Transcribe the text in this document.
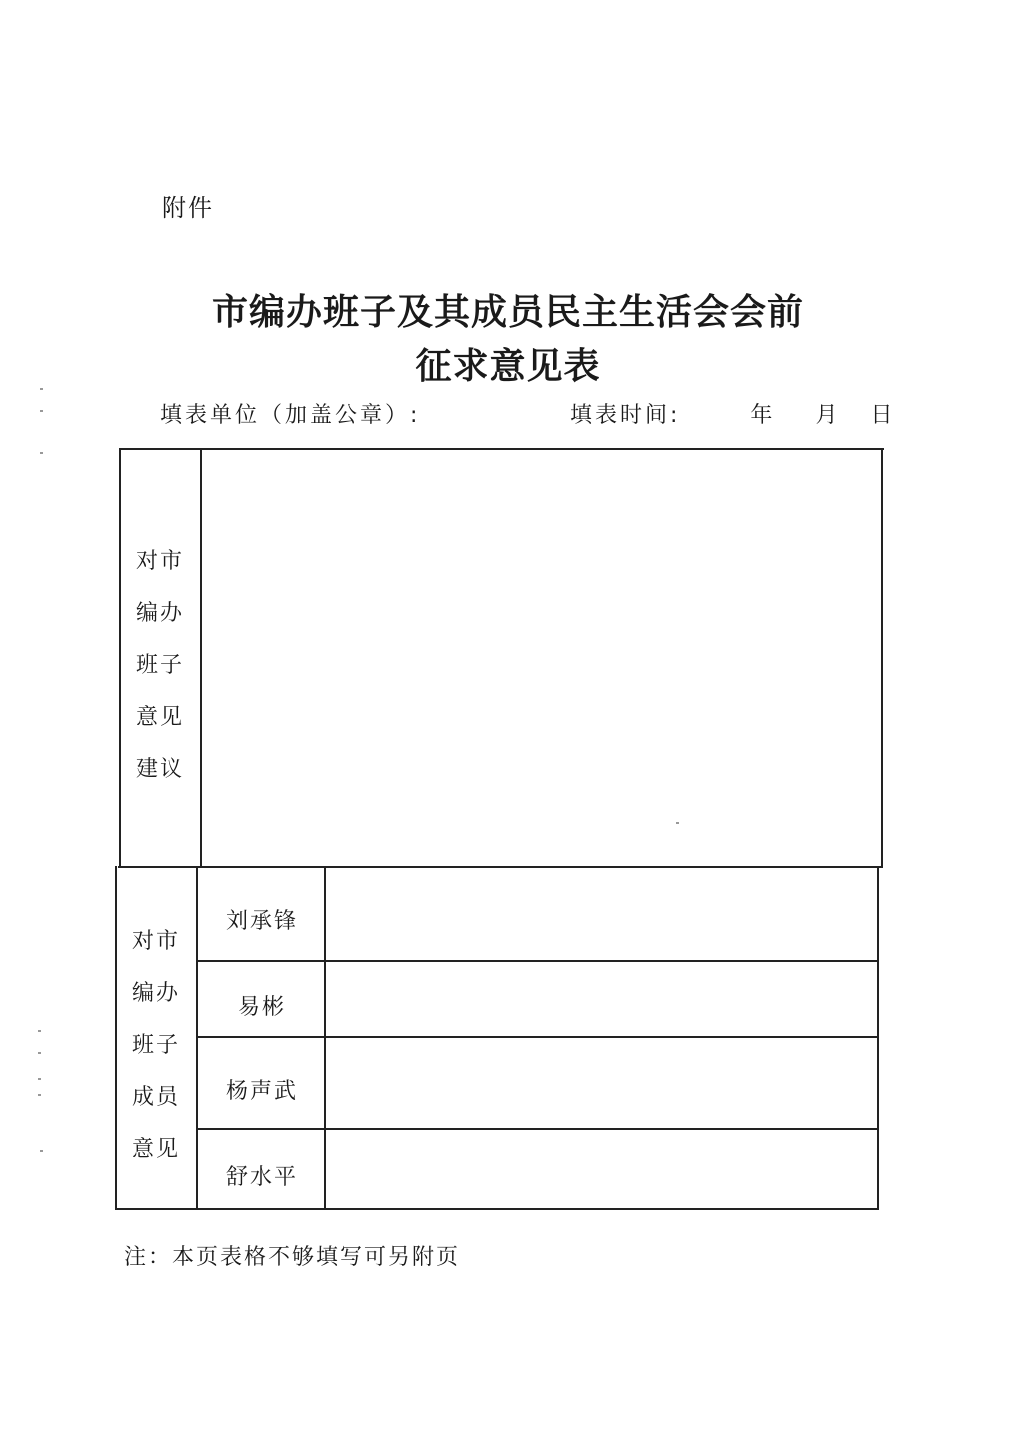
附件
市编办班子及其成员民主生活会会前
征求意见表
填表单位（加盖公章）:	填表时间:	年 月 日
对市
编办
班子
意见
建议
对市
编办
班子
成员
意见
刘承锋
易彬
杨声武
舒水平
注：本页表格不够填写可另附页
